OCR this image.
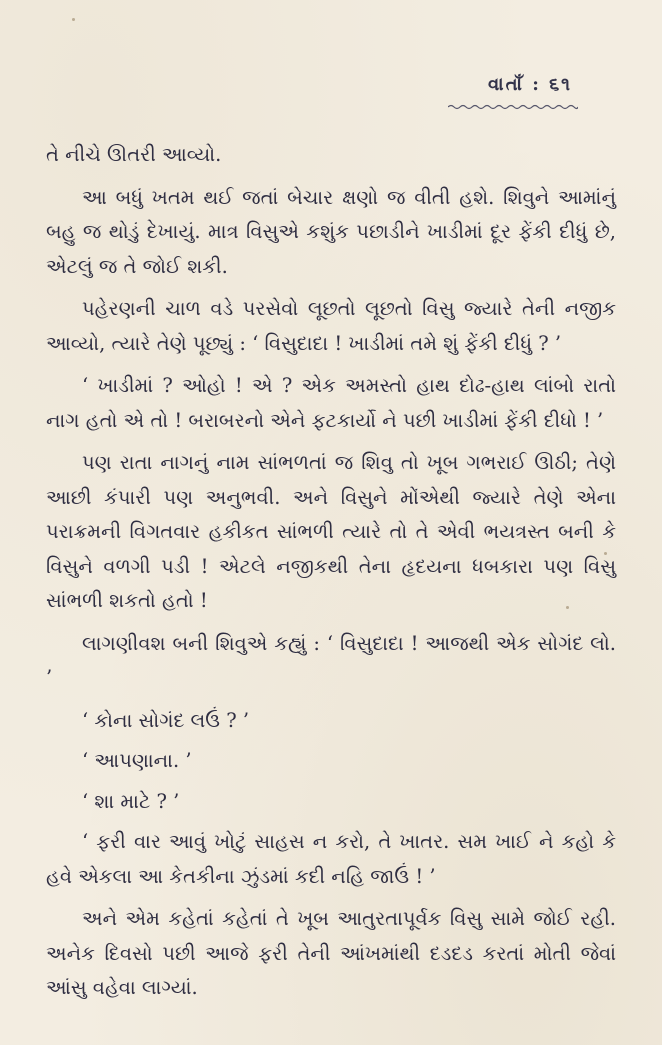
વાતાઁ : ૬૧

તે નીચે ઊતરી આવ્યો.

આ બધું ખતમ થઈ જતાં બેચાર ક્ષણો જ વીતી હશે. શિવુને આમાંનું બહુ જ થોડું દેખાયું. માત્ર વિસુએ કશુંક પછાડીને ખાડીમાં દૂર ફેંકી દીધું છે, એટલું જ તે જોઈ શકી.

પહેરણની ચાળ વડે પરસેવો લૂછતો લૂછતો વિસુ જ્યારે તેની નજીક આવ્યો, ત્યારે તેણે પૂછ્યું : ‘ વિસુદાદા ! ખાડીમાં તમે શું ફેંકી દીધું ? ’

‘ ખાડીમાં ? ઓહો ! એ ? એક અમસ્તો હાથ દોઢ-હાથ લાંબો રાતો નાગ હતો એ તો ! બરાબરનો એને ફટકાર્યો ને પછી ખાડીમાં ફેંકી દીધો ! ’

પણ રાતા નાગનું નામ સાંભળતાં જ શિવુ તો ખૂબ ગભરાઈ ઊઠી; તેણે આછી કંપારી પણ અનુભવી. અને વિસુને મોંએથી જ્યારે તેણે એના પરાક્રમની વિગતવાર હકીકત સાંભળી ત્યારે તો તે એવી ભયત્રસ્ત બની કે વિસુને વળગી પડી ! એટલે નજીકથી તેના હૃદયના ધબકારા પણ વિસુ સાંભળી શકતો હતો !

લાગણીવશ બની શિવુએ કહ્યું : ‘ વિસુદાદા ! આજથી એક સોગંદ લો. ’

‘ કોના સોગંદ લઉં ? ’

‘ આપણાના. ’

‘ શા માટે ? ’

‘ ફરી વાર આવું ખોટું સાહસ ન કરો, તે ખાતર. સમ ખાઈ ને કહો કે હવે એકલા આ કેતકીના ઝુંડમાં કદી નહિ જાઉં ! ’

અને એમ કહેતાં કહેતાં તે ખૂબ આતુરતાપૂર્વક વિસુ સામે જોઈ રહી. અનેક દિવસો પછી આજે ફરી તેની આંખમાંથી દડદડ કરતાં મોતી જેવાં આંસુ વહેવા લાગ્યાં.
